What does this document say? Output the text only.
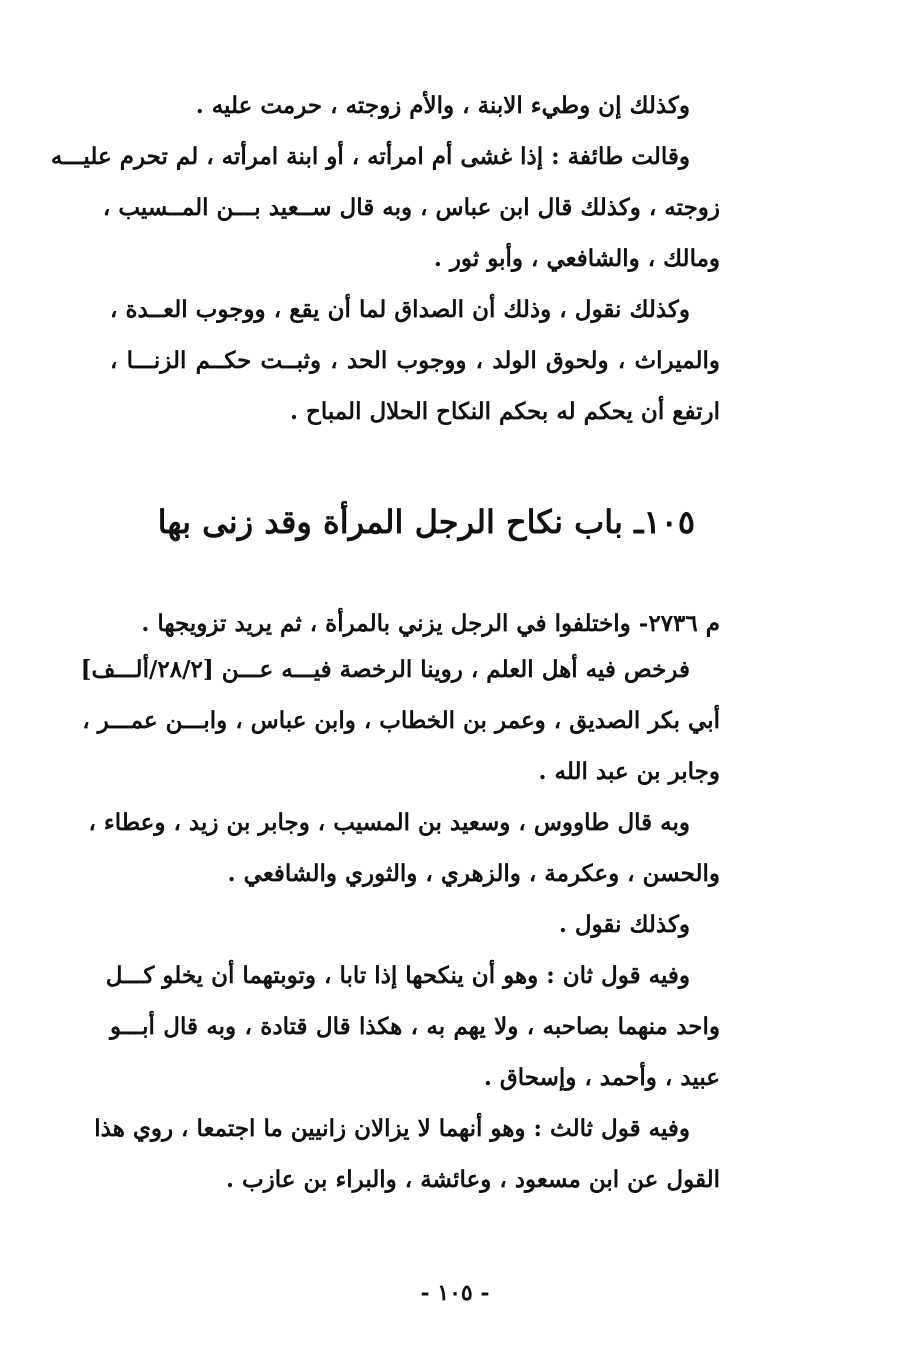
وكذلك إن وطيء الابنة ، والأم زوجته ، حرمت عليه .
وقالت طائفة : إذا غشى أم امرأته ، أو ابنة امرأته ، لم تحرم عليـــه
زوجته ، وكذلك قال ابن عباس ، وبه قال ســعيد بـــن المــسيب ،
ومالك ، والشافعي ، وأبو ثور .
وكذلك نقول ، وذلك أن الصداق لما أن يقع ، ووجوب العــدة ،
والميراث ، ولحوق الولد ، ووجوب الحد ، وثبــت حكــم الزنـــا ،
ارتفع أن يحكم له بحكم النكاح الحلال المباح .
١٠٥ـ باب نكاح الرجل المرأة وقد زنى بها
م ٢٧٣٦- واختلفوا في الرجل يزني بالمرأة ، ثم يريد تزويجها .
فرخص فيه أهل العلم ، روينا الرخصة فيـــه عـــن [٢٨/٢/ألـــف]
أبي بكر الصديق ، وعمر بن الخطاب ، وابن عباس ، وابـــن عمـــر ،
وجابر بن عبد الله .
وبه قال طاووس ، وسعيد بن المسيب ، وجابر بن زيد ، وعطاء ،
والحسن ، وعكرمة ، والزهري ، والثوري والشافعي .
وكذلك نقول .
وفيه قول ثان : وهو أن ينكحها إذا تابا ، وتوبتهما أن يخلو كـــل
واحد منهما بصاحبه ، ولا يهم به ، هكذا قال قتادة ، وبه قال أبـــو
عبيد ، وأحمد ، وإسحاق .
وفيه قول ثالث : وهو أنهما لا يزالان زانيين ما اجتمعا ، روي هذا
القول عن ابن مسعود ، وعائشة ، والبراء بن عازب .
- ١٠٥ -
